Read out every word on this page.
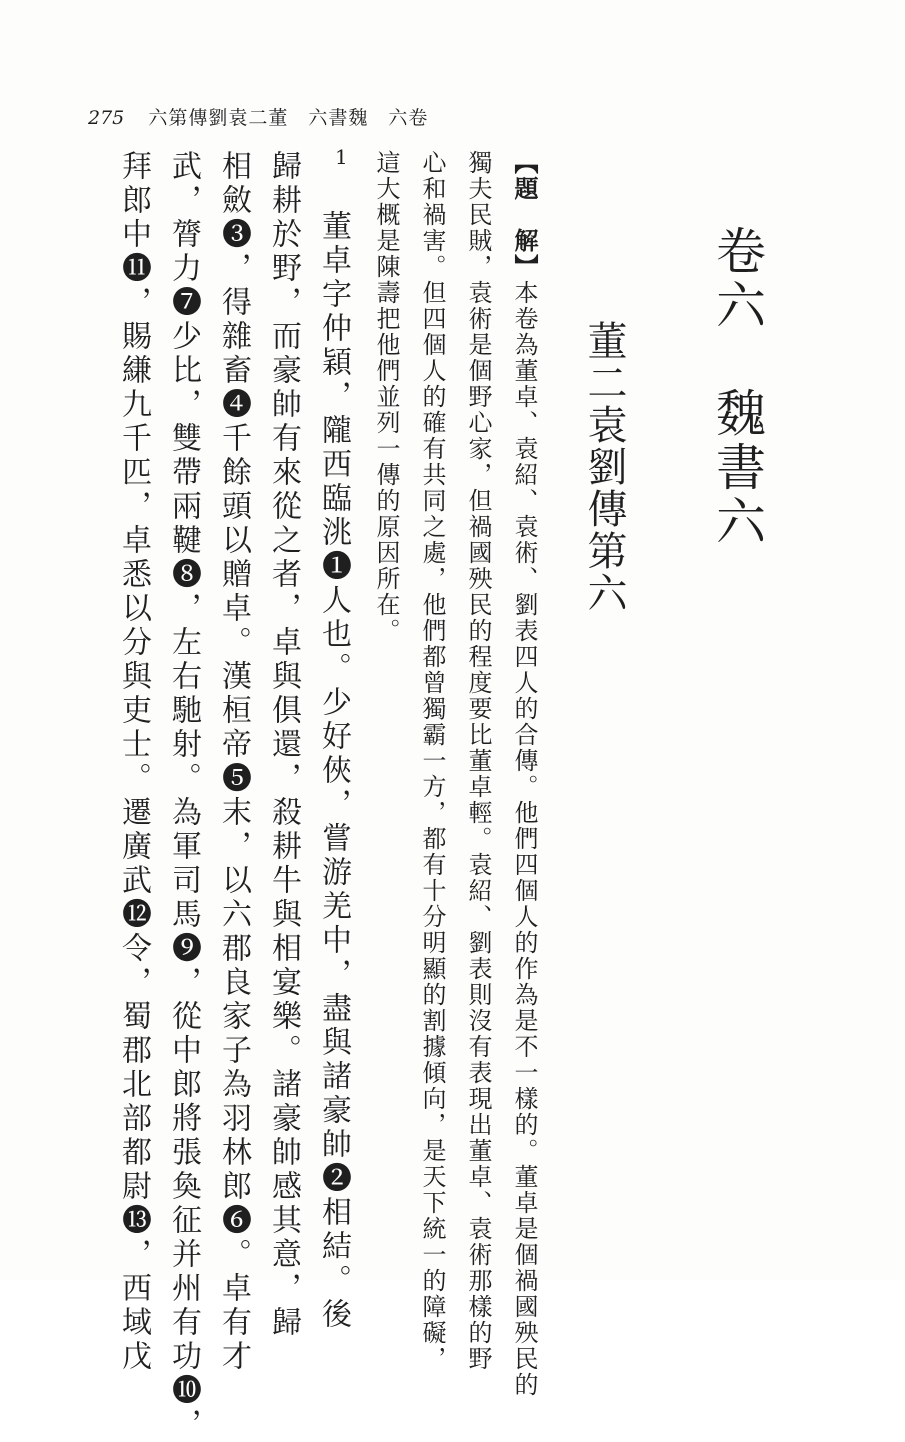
275 六第傳劉袁二董　六書魏　六卷
卷六　魏書六
董二袁劉傳第六
【題　解】本卷為董卓、袁紹、袁術、劉表四人的合傳。他們四個人的作為是不一樣的。董卓是個禍國殃民的
獨夫民賊，袁術是個野心家，但禍國殃民的程度要比董卓輕。袁紹、劉表則沒有表現出董卓、袁術那樣的野
心和禍害。但四個人的確有共同之處，他們都曾獨霸一方，都有十分明顯的割據傾向，是天下統一的障礙，
這大概是陳壽把他們並列一傳的原因所在。
1
董卓字仲穎，隴西臨洮❶人也。少好俠，嘗游羌中，盡與諸豪帥❷相結。後
歸耕於野，而豪帥有來從之者，卓與俱還，殺耕牛與相宴樂。諸豪帥感其意，歸
相斂❸，得雜畜❹千餘頭以贈卓。漢桓帝❺末，以六郡良家子為羽林郎❻。卓有才
武，膂力❼少比，雙帶兩鞬❽，左右馳射。為軍司馬❾，從中郎將張奐征并州有功❿，
拜郎中⓫，賜縑九千匹，卓悉以分與吏士。遷廣武⓬令，蜀郡北部都尉⓭，西域戊
